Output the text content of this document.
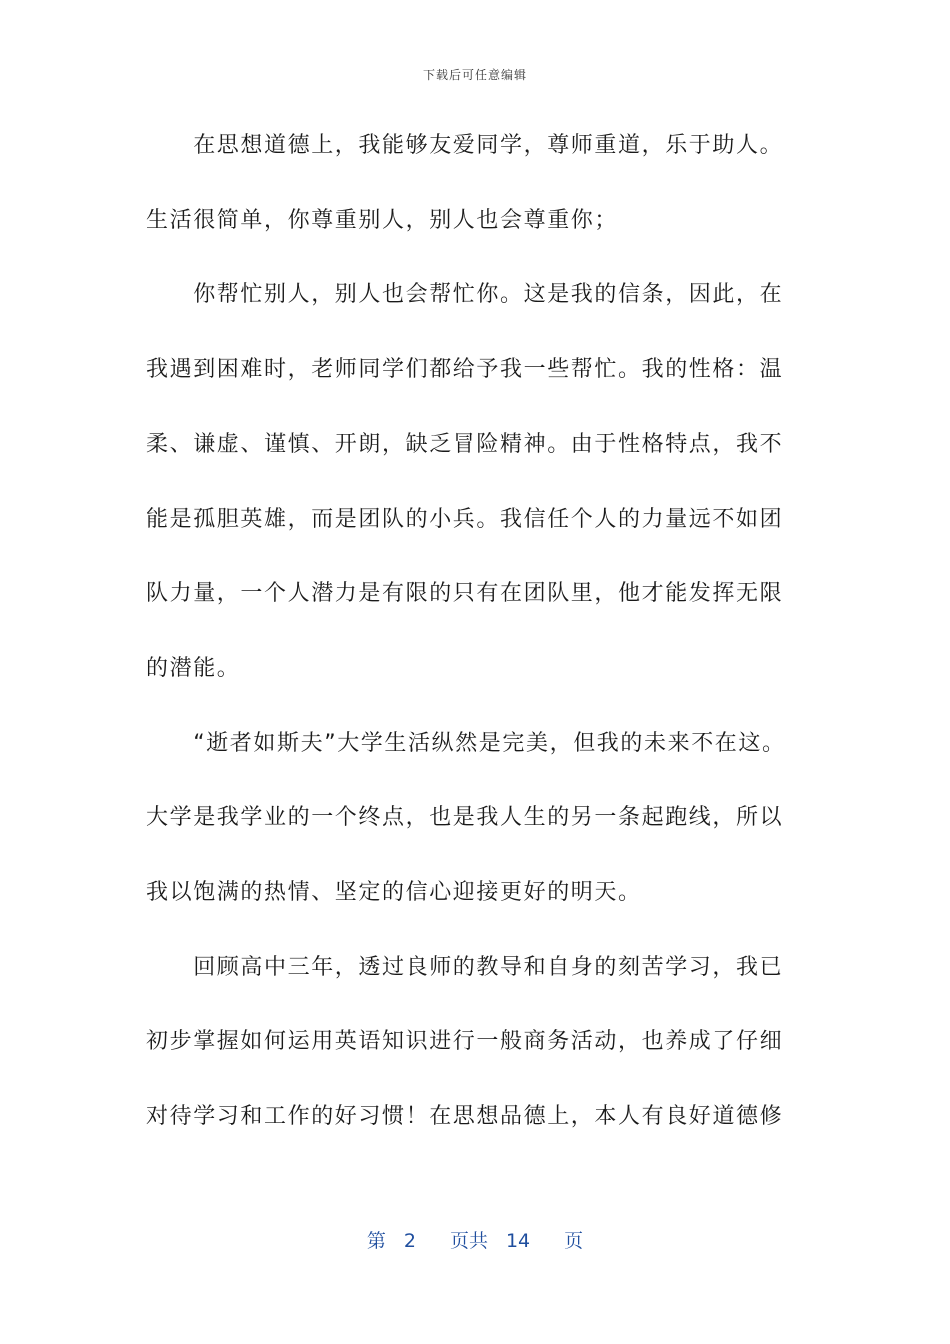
下载后可任意编辑
　　在思想道德上，我能够友爱同学，尊师重道，乐于助人。
生活很简单，你尊重别人，别人也会尊重你；
　　你帮忙别人，别人也会帮忙你。这是我的信条，因此，在
我遇到困难时，老师同学们都给予我一些帮忙。我的性格：温
柔、谦虚、谨慎、开朗，缺乏冒险精神。由于性格特点，我不
能是孤胆英雄，而是团队的小兵。我信任个人的力量远不如团
队力量，一个人潜力是有限的只有在团队里，他才能发挥无限
的潜能。
　　“逝者如斯夫”大学生活纵然是完美，但我的未来不在这。
大学是我学业的一个终点，也是我人生的另一条起跑线，所以
我以饱满的热情、坚定的信心迎接更好的明天。
　　回顾高中三年，透过良师的教导和自身的刻苦学习，我已
初步掌握如何运用英语知识进行一般商务活动，也养成了仔细
对待学习和工作的好习惯！在思想品德上，本人有良好道德修
第 2 页共 14 页
